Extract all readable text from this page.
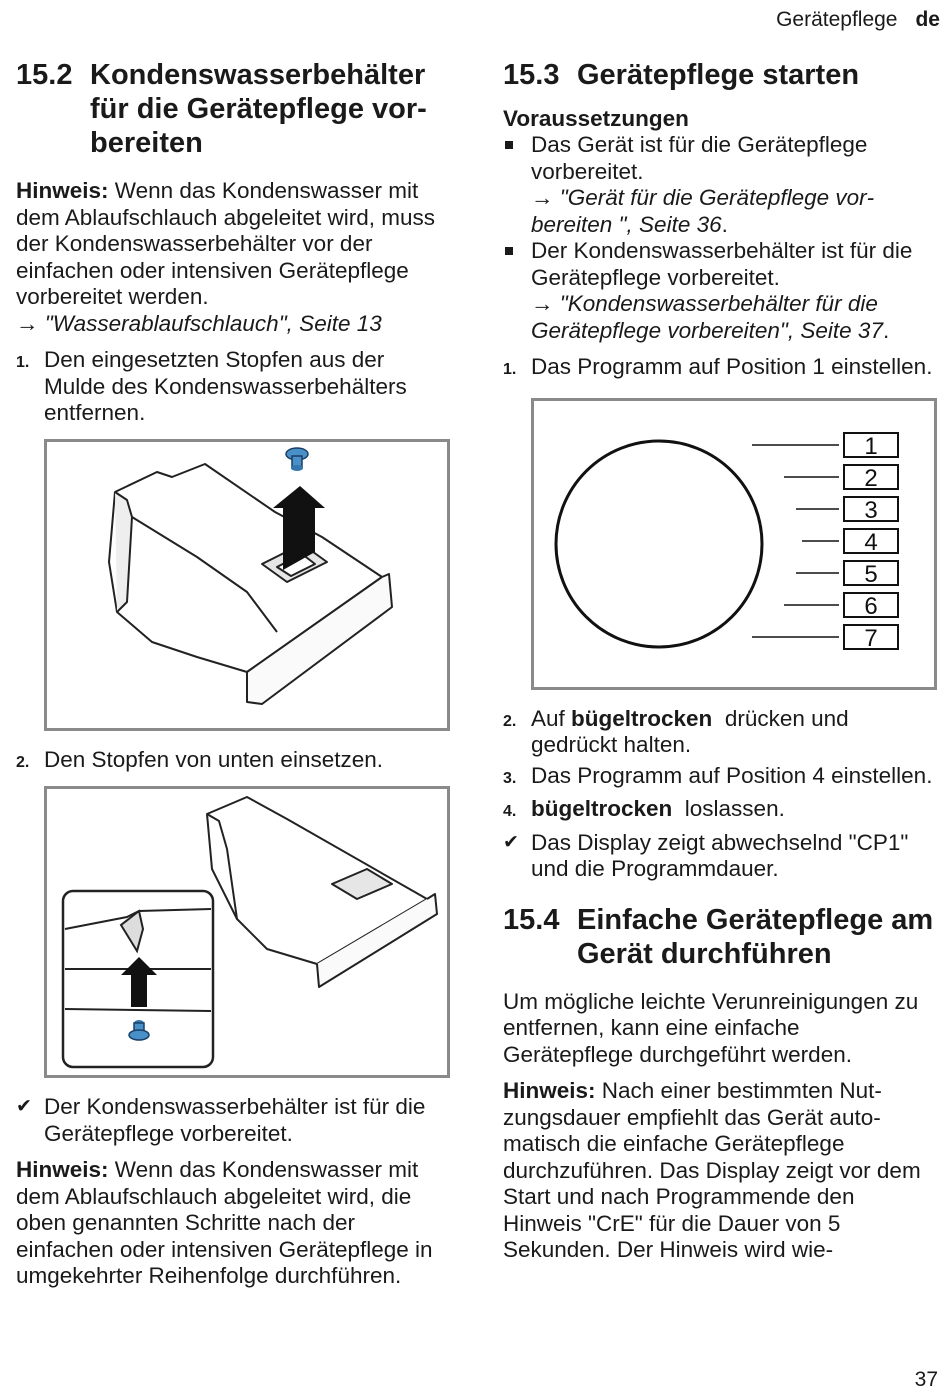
Gerätepflege de
15.2 Kondenswasserbehälter für die Gerätepflege vorbereiten

Hinweis: Wenn das Kondenswasser mit dem Ablaufschlauch abgeleitet wird, muss der Kondenswasserbehälter vor der einfachen oder intensiven Gerätepflege vorbereitet werden.
→ "Wasserablaufschlauch", Seite 13

1. Den eingesetzten Stopfen aus der Mulde des Kondenswasserbehälters entfernen.
2. Den Stopfen von unten einsetzen.
✔ Der Kondenswasserbehälter ist für die Gerätepflege vorbereitet.

Hinweis: Wenn das Kondenswasser mit dem Ablaufschlauch abgeleitet wird, die oben genannten Schritte nach der einfachen oder intensiven Gerätepflege in umgekehrter Reihenfolge durchführen.

15.3 Gerätepflege starten
Voraussetzungen
Das Gerät ist für die Gerätepflege vorbereitet.
→ "Gerät für die Gerätepflege vorbereiten ", Seite 36.
Der Kondenswasserbehälter ist für die Gerätepflege vorbereitet.
→ "Kondenswasserbehälter für die Gerätepflege vorbereiten", Seite 37.
1. Das Programm auf Position 1 einstellen.
1
2
3
4
5
6
7
2. Auf bügeltrocken  drücken und gedrückt halten.
3. Das Programm auf Position 4 einstellen.
4. bügeltrocken  loslassen.
✔ Das Display zeigt abwechselnd "CP1" und die Programmdauer.
15.4 Einfache Gerätepflege am Gerät durchführen

Um mögliche leichte Verunreinigungen zu entfernen, kann eine einfache Gerätepflege durchgeführt werden.

Hinweis: Nach einer bestimmten Nutzungsdauer empfiehlt das Gerät automatisch die einfache Gerätepflege durchzuführen. Das Display zeigt vor dem Start und nach Programmende den Hinweis "CrE" für die Dauer von 5 Sekunden. Der Hinweis wird wie-

37
